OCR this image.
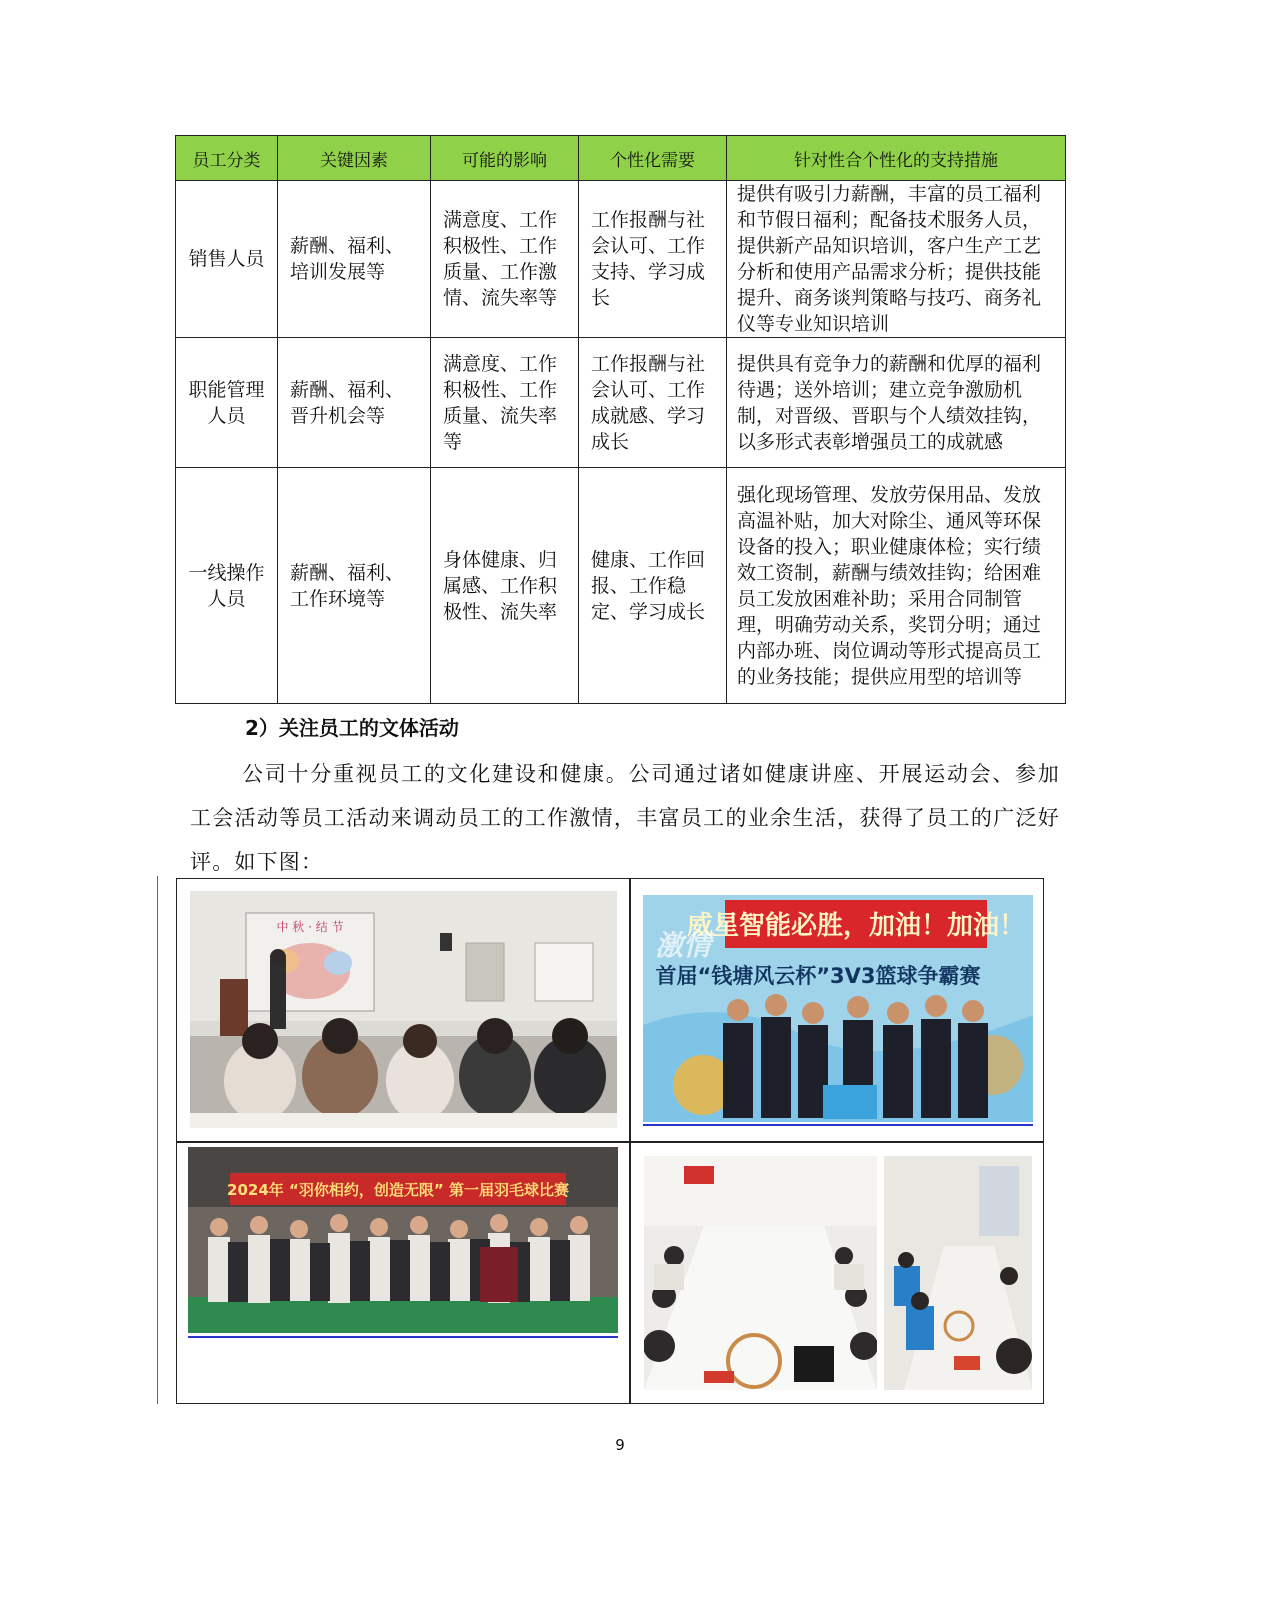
员工分类	关键因素	可能的影响	个性化需要	针对性合个性化的支持措施
销售人员	薪酬、福利、培训发展等	满意度、工作积极性、工作质量、工作激情、流失率等	工作报酬与社会认可、工作支持、学习成长	提供有吸引力薪酬，丰富的员工福利和节假日福利；配备技术服务人员，提供新产品知识培训，客户生产工艺分析和使用产品需求分析；提供技能提升、商务谈判策略与技巧、商务礼仪等专业知识培训
职能管理人员	薪酬、福利、晋升机会等	满意度、工作积极性、工作质量、流失率等	工作报酬与社会认可、工作成就感、学习成长	提供具有竞争力的薪酬和优厚的福利待遇；送外培训；建立竞争激励机制，对晋级、晋职与个人绩效挂钩，以多形式表彰增强员工的成就感
一线操作人员	薪酬、福利、工作环境等	身体健康、归属感、工作积极性、流失率	健康、工作回报、工作稳定、学习成长	强化现场管理、发放劳保用品、发放高温补贴，加大对除尘、通风等环保设备的投入；职业健康体检；实行绩效工资制，薪酬与绩效挂钩；给困难员工发放困难补助；采用合同制管理，明确劳动关系，奖罚分明；通过内部办班、岗位调动等形式提高员工的业务技能；提供应用型的培训等
2）关注员工的文体活动
公司十分重视员工的文化建设和健康。公司通过诸如健康讲座、开展运动会、参加工会活动等员工活动来调动员工的工作激情，丰富员工的业余生活，获得了员工的广泛好评。如下图：
中 秋 · 结 节	威星智能必胜，加油！加油！
激情
首届“钱塘风云杯”3V3篮球争霸赛
2024年 “羽你相约，创造无限” 第一届羽毛球比赛
9
